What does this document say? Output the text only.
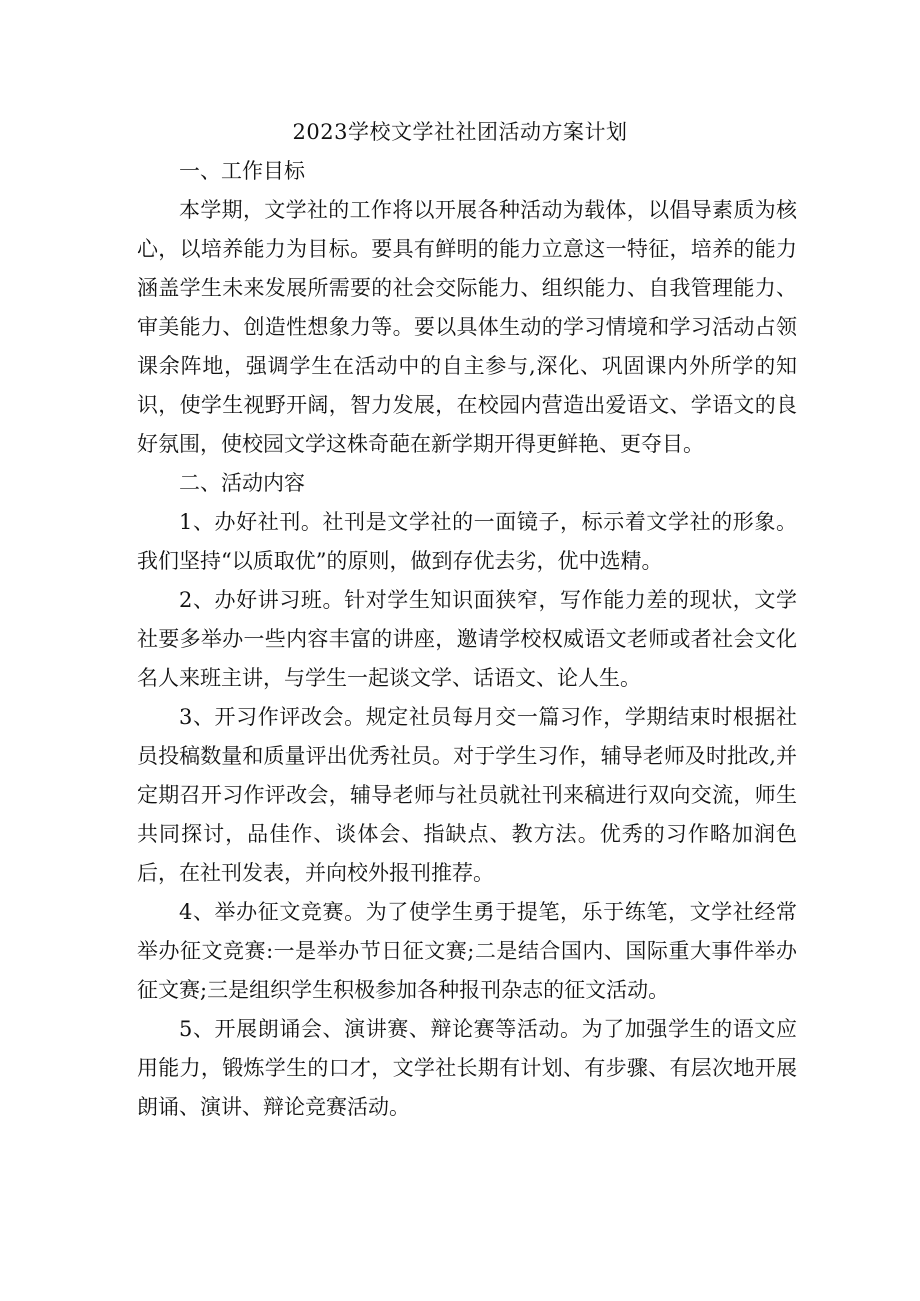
2023学校文学社社团活动方案计划

一、工作目标

本学期，文学社的工作将以开展各种活动为载体，以倡导素质为核心，以培养能力为目标。要具有鲜明的能力立意这一特征，培养的能力涵盖学生未来发展所需要的社会交际能力、组织能力、自我管理能力、审美能力、创造性想象力等。要以具体生动的学习情境和学习活动占领课余阵地，强调学生在活动中的自主参与,深化、巩固课内外所学的知识，使学生视野开阔，智力发展，在校园内营造出爱语文、学语文的良好氛围，使校园文学这株奇葩在新学期开得更鲜艳、更夺目。

二、活动内容

1、办好社刊。社刊是文学社的一面镜子，标示着文学社的形象。我们坚持“以质取优”的原则，做到存优去劣，优中选精。

2、办好讲习班。针对学生知识面狭窄，写作能力差的现状，文学社要多举办一些内容丰富的讲座，邀请学校权威语文老师或者社会文化名人来班主讲，与学生一起谈文学、话语文、论人生。

3、开习作评改会。规定社员每月交一篇习作，学期结束时根据社员投稿数量和质量评出优秀社员。对于学生习作，辅导老师及时批改,并定期召开习作评改会，辅导老师与社员就社刊来稿进行双向交流，师生共同探讨，品佳作、谈体会、指缺点、教方法。优秀的习作略加润色后，在社刊发表，并向校外报刊推荐。

4、举办征文竞赛。为了使学生勇于提笔，乐于练笔，文学社经常举办征文竞赛:一是举办节日征文赛;二是结合国内、国际重大事件举办征文赛;三是组织学生积极参加各种报刊杂志的征文活动。

5、开展朗诵会、演讲赛、辩论赛等活动。为了加强学生的语文应用能力，锻炼学生的口才，文学社长期有计划、有步骤、有层次地开展朗诵、演讲、辩论竞赛活动。
